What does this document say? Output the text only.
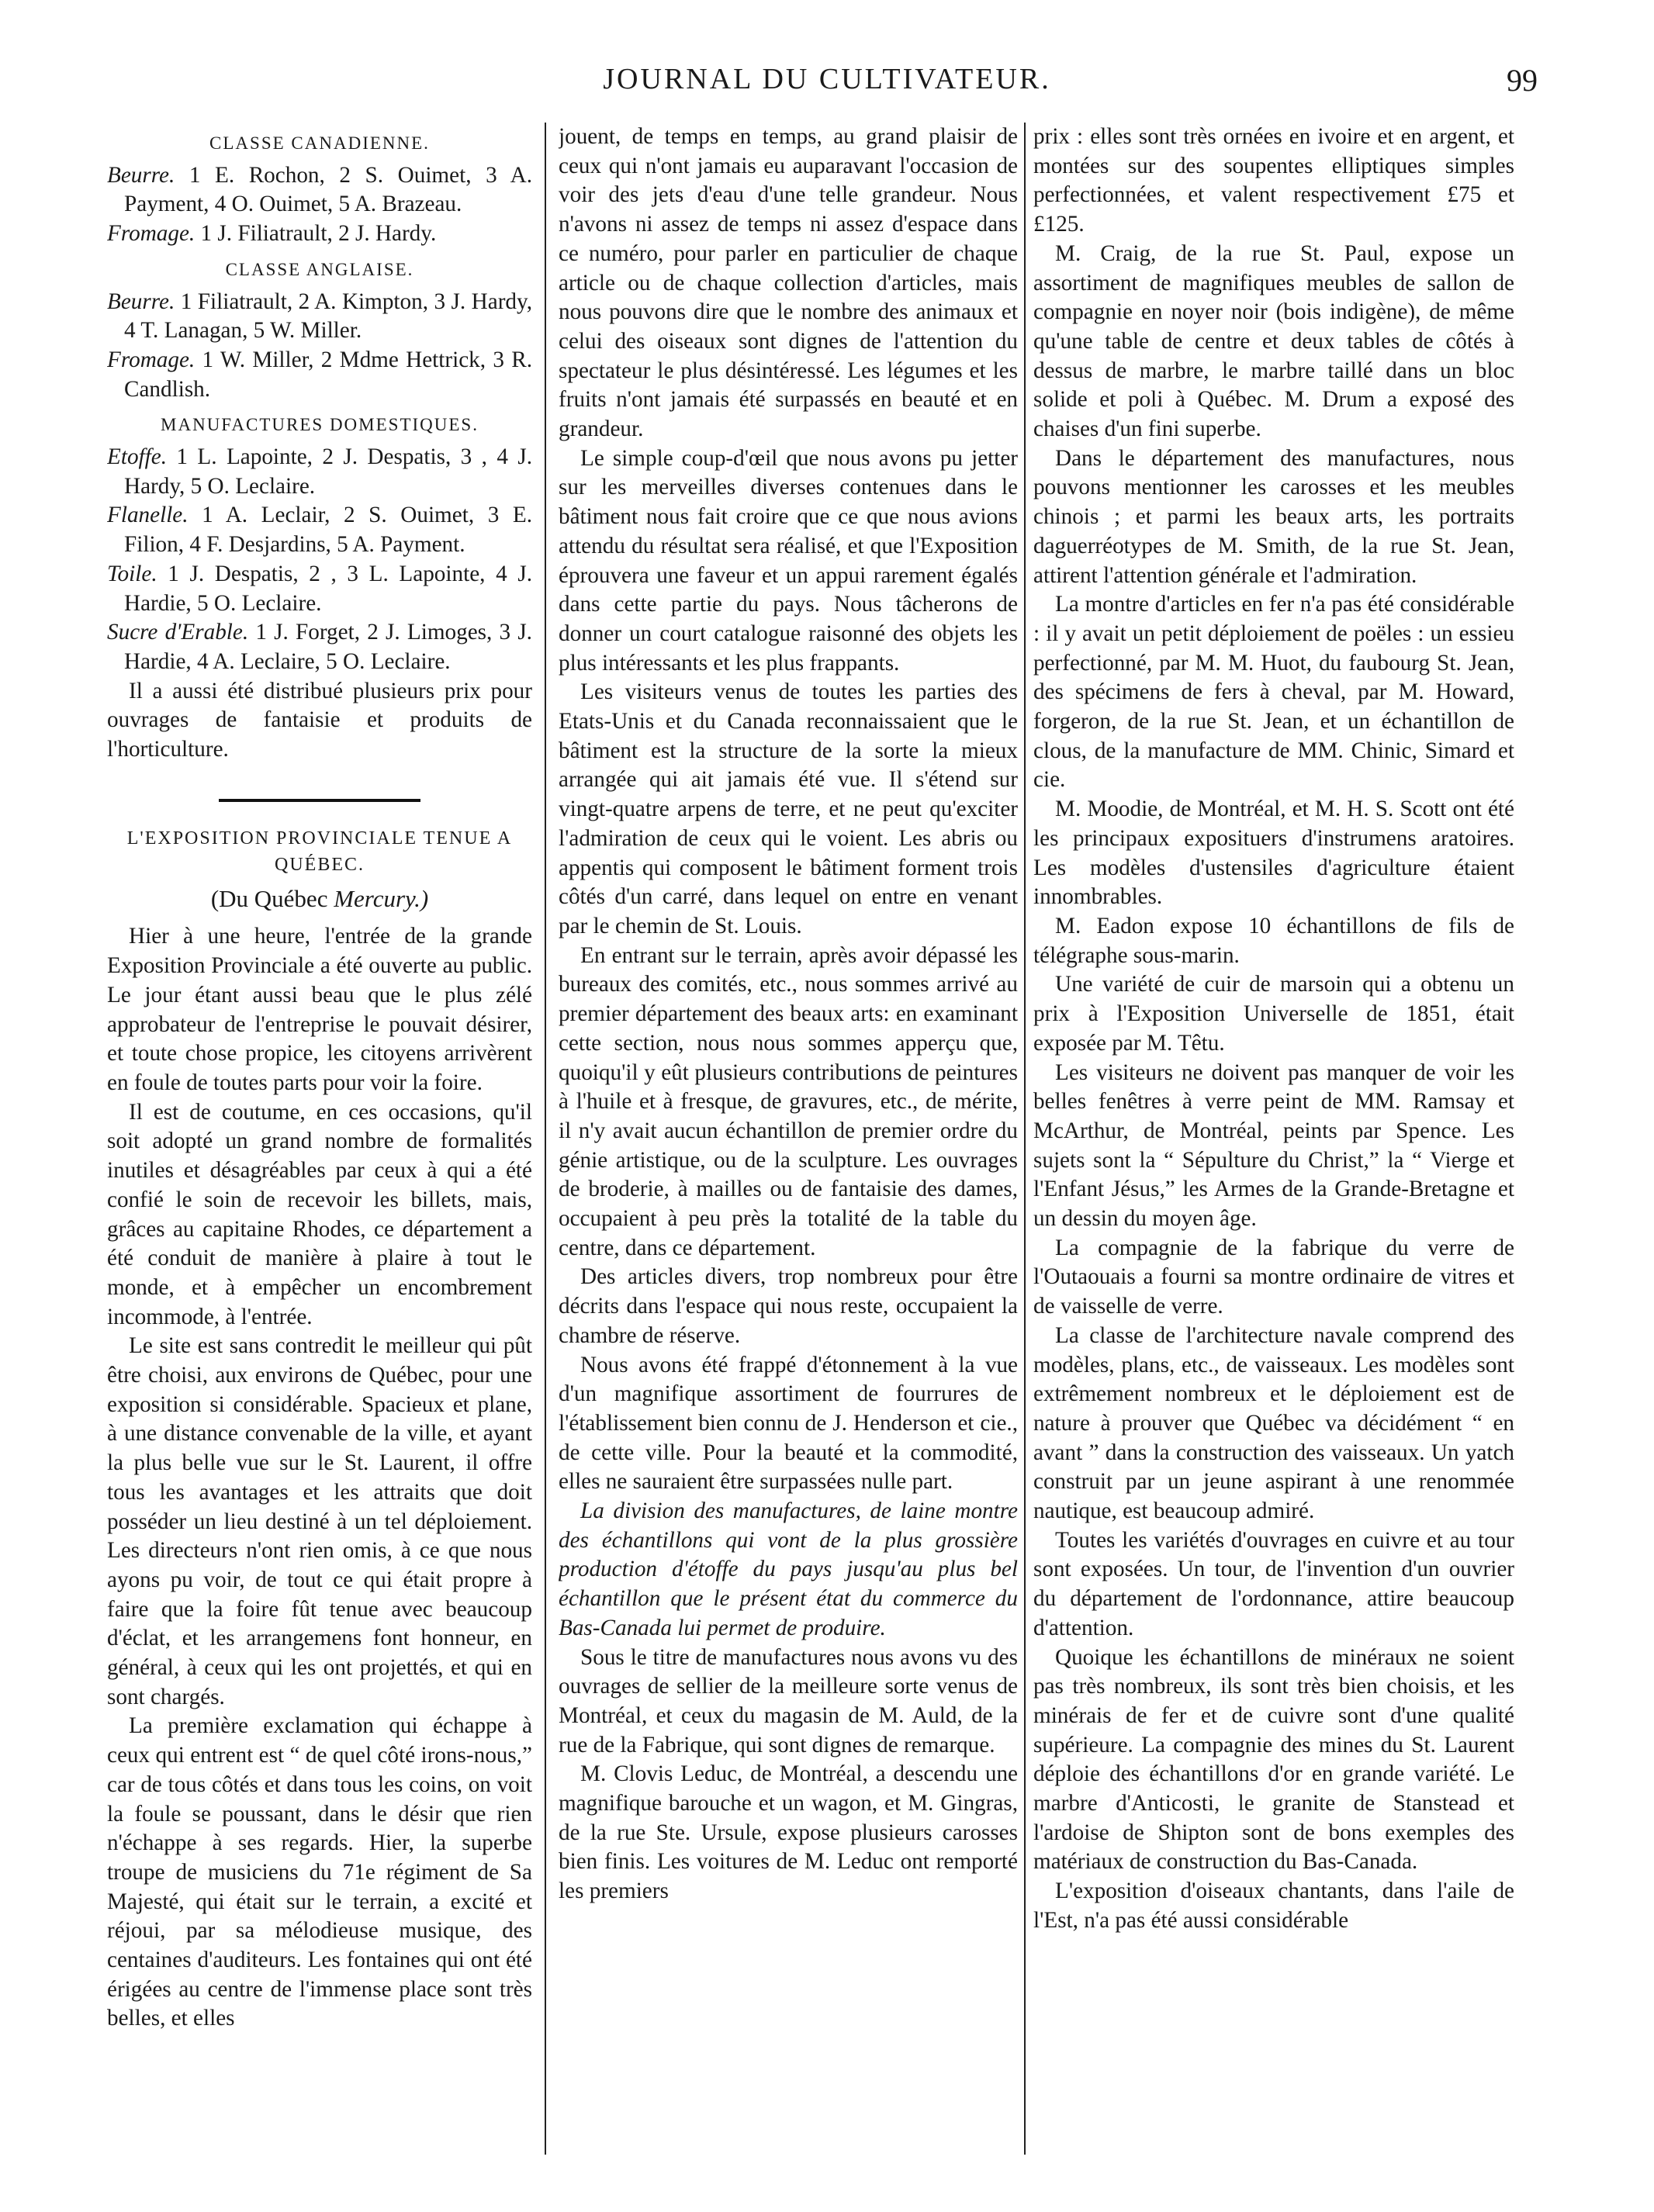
JOURNAL DU CULTIVATEUR.	99
CLASSE CANADIENNE.

Beurre. 1 E. Rochon, 2 S. Ouimet, 3 A. Payment, 4 O. Ouimet, 5 A. Brazeau.

Fromage. 1 J. Filiatrault, 2 J. Hardy.

CLASSE ANGLAISE.

Beurre. 1 Filiatrault, 2 A. Kimpton, 3 J. Hardy, 4 T. Lanagan, 5 W. Miller.

Fromage. 1 W. Miller, 2 Mdme Hettrick, 3 R. Candlish.

MANUFACTURES DOMESTIQUES.

Etoffe. 1 L. Lapointe, 2 J. Despatis, 3 , 4 J. Hardy, 5 O. Leclaire.

Flanelle. 1 A. Leclair, 2 S. Ouimet, 3 E. Filion, 4 F. Desjardins, 5 A. Payment.

Toile. 1 J. Despatis, 2 , 3 L. Lapointe, 4 J. Hardie, 5 O. Leclaire.

Sucre d'Erable. 1 J. Forget, 2 J. Limoges, 3 J. Hardie, 4 A. Leclaire, 5 O. Leclaire.

Il a aussi été distribué plusieurs prix pour ouvrages de fantaisie et produits de l'horticulture.

L'EXPOSITION PROVINCIALE TENUE A QUÉBEC.
(Du Québec Mercury.)

Hier à une heure, l'entrée de la grande Exposition Provinciale a été ouverte au public. Le jour étant aussi beau que le plus zélé approbateur de l'entreprise le pouvait désirer, et toute chose propice, les citoyens arrivèrent en foule de toutes parts pour voir la foire.

Il est de coutume, en ces occasions, qu'il soit adopté un grand nombre de formalités inutiles et désagréables par ceux à qui a été confié le soin de recevoir les billets, mais, grâces au capitaine Rhodes, ce département a été conduit de manière à plaire à tout le monde, et à empêcher un encombrement incommode, à l'entrée.

Le site est sans contredit le meilleur qui pût être choisi, aux environs de Québec, pour une exposition si considérable. Spacieux et plane, à une distance convenable de la ville, et ayant la plus belle vue sur le St. Laurent, il offre tous les avantages et les attraits que doit posséder un lieu destiné à un tel déploiement. Les directeurs n'ont rien omis, à ce que nous ayons pu voir, de tout ce qui était propre à faire que la foire fût tenue avec beaucoup d'éclat, et les arrangemens font honneur, en général, à ceux qui les ont projettés, et qui en sont chargés.

La première exclamation qui échappe à ceux qui entrent est “ de quel côté irons-nous,” car de tous côtés et dans tous les coins, on voit la foule se poussant, dans le désir que rien n'échappe à ses regards. Hier, la superbe troupe de musiciens du 71e régiment de Sa Majesté, qui était sur le terrain, a excité et réjoui, par sa mélodieuse musique, des centaines d'auditeurs. Les fontaines qui ont été érigées au centre de l'immense place sont très belles, et elles

jouent, de temps en temps, au grand plaisir de ceux qui n'ont jamais eu auparavant l'occasion de voir des jets d'eau d'une telle grandeur. Nous n'avons ni assez de temps ni assez d'espace dans ce numéro, pour parler en particulier de chaque article ou de chaque collection d'articles, mais nous pouvons dire que le nombre des animaux et celui des oiseaux sont dignes de l'attention du spectateur le plus désintéressé. Les légumes et les fruits n'ont jamais été surpassés en beauté et en grandeur.

Le simple coup-d'œil que nous avons pu jetter sur les merveilles diverses contenues dans le bâtiment nous fait croire que ce que nous avions attendu du résultat sera réalisé, et que l'Exposition éprouvera une faveur et un appui rarement égalés dans cette partie du pays. Nous tâcherons de donner un court catalogue raisonné des objets les plus intéressants et les plus frappants.

Les visiteurs venus de toutes les parties des Etats-Unis et du Canada reconnaissaient que le bâtiment est la structure de la sorte la mieux arrangée qui ait jamais été vue. Il s'étend sur vingt-quatre arpens de terre, et ne peut qu'exciter l'admiration de ceux qui le voient. Les abris ou appentis qui composent le bâtiment forment trois côtés d'un carré, dans lequel on entre en venant par le chemin de St. Louis.

En entrant sur le terrain, après avoir dépassé les bureaux des comités, etc., nous sommes arrivé au premier département des beaux arts: en examinant cette section, nous nous sommes apperçu que, quoiqu'il y eût plusieurs contributions de peintures à l'huile et à fresque, de gravures, etc., de mérite, il n'y avait aucun échantillon de premier ordre du génie artistique, ou de la sculpture. Les ouvrages de broderie, à mailles ou de fantaisie des dames, occupaient à peu près la totalité de la table du centre, dans ce département.

Des articles divers, trop nombreux pour être décrits dans l'espace qui nous reste, occupaient la chambre de réserve.

Nous avons été frappé d'étonnement à la vue d'un magnifique assortiment de fourrures de l'établissement bien connu de J. Henderson et cie., de cette ville. Pour la beauté et la commodité, elles ne sauraient être surpassées nulle part.

La division des manufactures, de laine montre des échantillons qui vont de la plus grossière production d'étoffe du pays jusqu'au plus bel échantillon que le présent état du commerce du Bas-Canada lui permet de produire.

Sous le titre de manufactures nous avons vu des ouvrages de sellier de la meilleure sorte venus de Montréal, et ceux du magasin de M. Auld, de la rue de la Fabrique, qui sont dignes de remarque.

M. Clovis Leduc, de Montréal, a descendu une magnifique barouche et un wagon, et M. Gingras, de la rue Ste. Ursule, expose plusieurs carosses bien finis. Les voitures de M. Leduc ont remporté les premiers

prix : elles sont très ornées en ivoire et en argent, et montées sur des soupentes elliptiques simples perfectionnées, et valent respectivement £75 et £125.

M. Craig, de la rue St. Paul, expose un assortiment de magnifiques meubles de sallon de compagnie en noyer noir (bois indigène), de même qu'une table de centre et deux tables de côtés à dessus de marbre, le marbre taillé dans un bloc solide et poli à Québec. M. Drum a exposé des chaises d'un fini superbe.

Dans le département des manufactures, nous pouvons mentionner les carosses et les meubles chinois ; et parmi les beaux arts, les portraits daguerréotypes de M. Smith, de la rue St. Jean, attirent l'attention générale et l'admiration.

La montre d'articles en fer n'a pas été considérable : il y avait un petit déploiement de poëles : un essieu perfectionné, par M. M. Huot, du faubourg St. Jean, des spécimens de fers à cheval, par M. Howard, forgeron, de la rue St. Jean, et un échantillon de clous, de la manufacture de MM. Chinic, Simard et cie.

M. Moodie, de Montréal, et M. H. S. Scott ont été les principaux exposituers d'instrumens aratoires. Les modèles d'ustensiles d'agriculture étaient innombrables.

M. Eadon expose 10 échantillons de fils de télégraphe sous-marin.

Une variété de cuir de marsoin qui a obtenu un prix à l'Exposition Universelle de 1851, était exposée par M. Têtu.

Les visiteurs ne doivent pas manquer de voir les belles fenêtres à verre peint de MM. Ramsay et McArthur, de Montréal, peints par Spence. Les sujets sont la “ Sépulture du Christ,” la “ Vierge et l'Enfant Jésus,” les Armes de la Grande-Bretagne et un dessin du moyen âge.

La compagnie de la fabrique du verre de l'Outaouais a fourni sa montre ordinaire de vitres et de vaisselle de verre.

La classe de l'architecture navale comprend des modèles, plans, etc., de vaisseaux. Les modèles sont extrêmement nombreux et le déploiement est de nature à prouver que Québec va décidément “ en avant ” dans la construction des vaisseaux. Un yatch construit par un jeune aspirant à une renommée nautique, est beaucoup admiré.

Toutes les variétés d'ouvrages en cuivre et au tour sont exposées. Un tour, de l'invention d'un ouvrier du département de l'ordonnance, attire beaucoup d'attention.

Quoique les échantillons de minéraux ne soient pas très nombreux, ils sont très bien choisis, et les minérais de fer et de cuivre sont d'une qualité supérieure. La compagnie des mines du St. Laurent déploie des échantillons d'or en grande variété. Le marbre d'Anticosti, le granite de Stanstead et l'ardoise de Shipton sont de bons exemples des matériaux de construction du Bas-Canada.

L'exposition d'oiseaux chantants, dans l'aile de l'Est, n'a pas été aussi considérable
